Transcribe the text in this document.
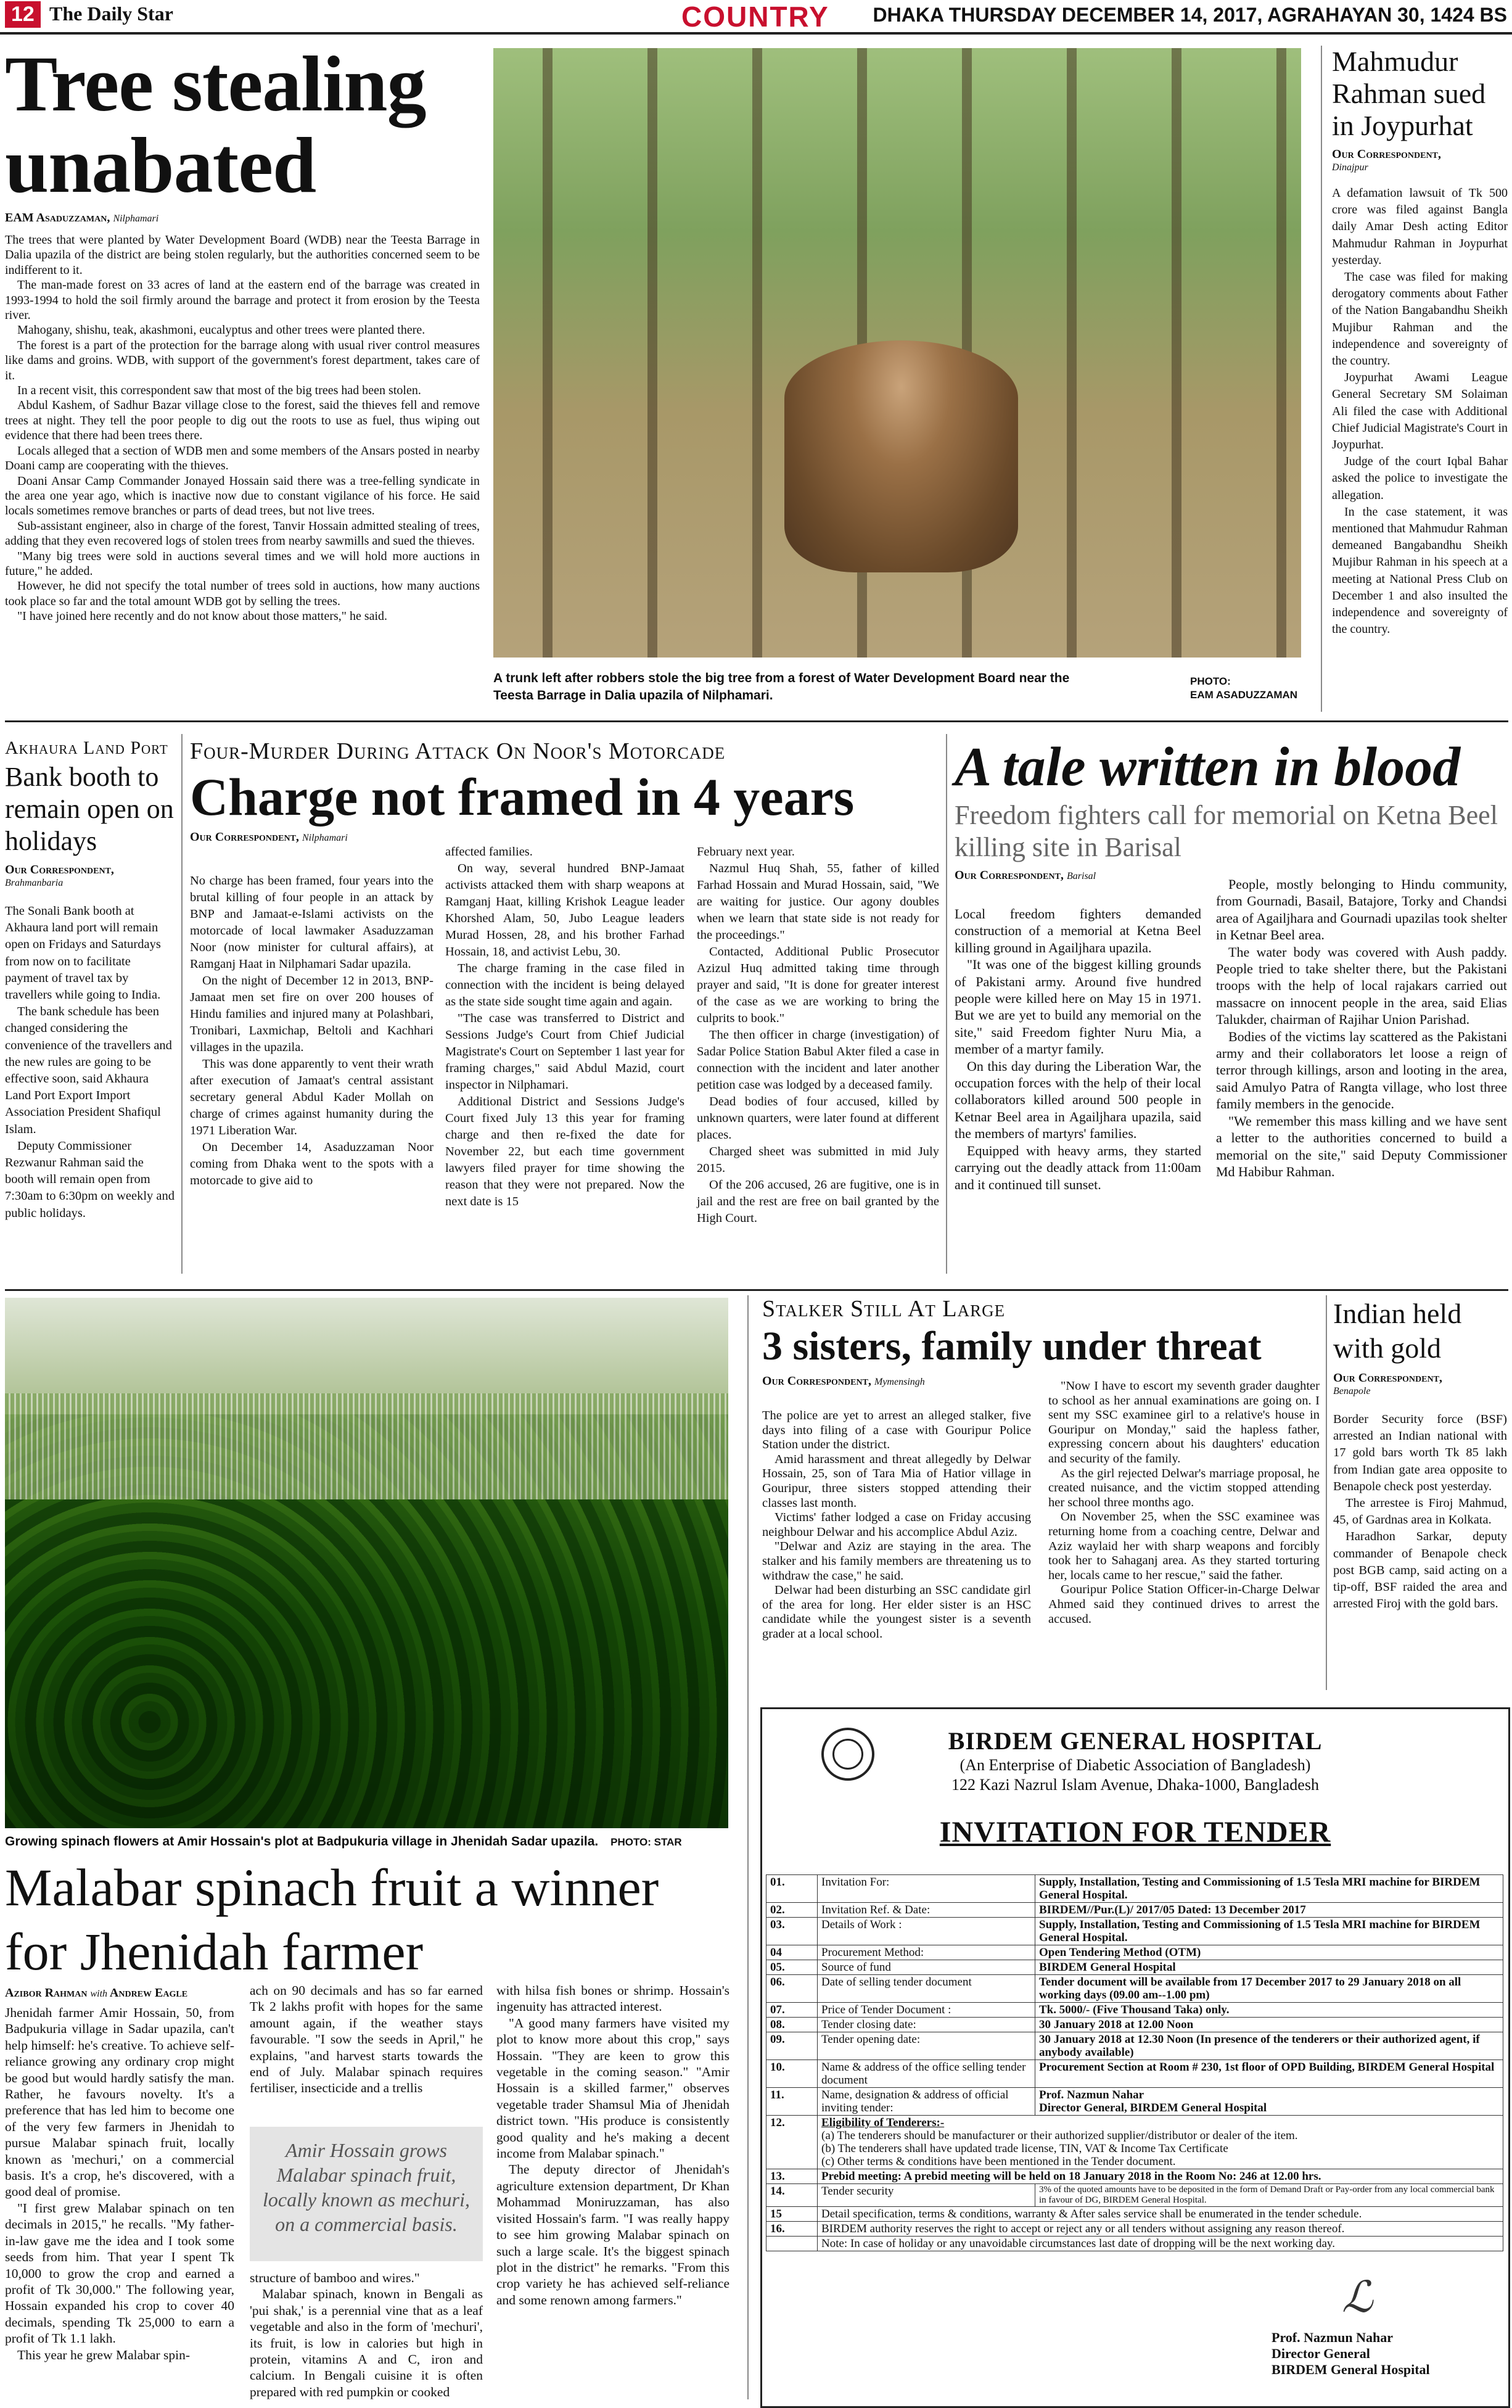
12 The Daily Star	COUNTRY DHAKA THURSDAY DECEMBER 14, 2017, AGRAHAYAN 30, 1424 BS
Tree stealing unabated
EAM Asaduzzaman, Nilphamari

The trees that were planted by Water Development Board (WDB) near the Teesta Barrage in Dalia upazila of the district are being stolen regularly, but the authorities concerned seem to be indifferent to it.

The man-made forest on 33 acres of land at the eastern end of the barrage was created in 1993-1994 to hold the soil firmly around the barrage and protect it from erosion by the Teesta river.

Mahogany, shishu, teak, akashmoni, eucalyptus and other trees were planted there.

The forest is a part of the protection for the barrage along with usual river control measures like dams and groins. WDB, with support of the government's forest department, takes care of it.

In a recent visit, this correspondent saw that most of the big trees had been stolen.

Abdul Kashem, of Sadhur Bazar village close to the forest, said the thieves fell and remove trees at night. They tell the poor people to dig out the roots to use as fuel, thus wiping out evidence that there had been trees there.

Locals alleged that a section of WDB men and some members of the Ansars posted in nearby Doani camp are cooperating with the thieves.

Doani Ansar Camp Commander Jonayed Hossain said there was a tree-felling syndicate in the area one year ago, which is inactive now due to constant vigilance of his force. He said locals sometimes remove branches or parts of dead trees, but not live trees.

Sub-assistant engineer, also in charge of the forest, Tanvir Hossain admitted stealing of trees, adding that they even recovered logs of stolen trees from nearby sawmills and sued the thieves.

"Many big trees were sold in auctions several times and we will hold more auctions in future," he added.

However, he did not specify the total number of trees sold in auctions, how many auctions took place so far and the total amount WDB got by selling the trees.

"I have joined here recently and do not know about those matters," he said.

A trunk left after robbers stole the big tree from a forest of Water Development Board near the Teesta Barrage in Dalia upazila of Nilphamari.
PHOTO:
EAM ASADUZZAMAN
Mahmudur Rahman sued in Joypurhat
Our Correspondent,
Dinajpur

A defamation lawsuit of Tk 500 crore was filed against Bangla daily Amar Desh acting Editor Mahmudur Rahman in Joypurhat yesterday.

The case was filed for making derogatory comments about Father of the Nation Bangabandhu Sheikh Mujibur Rahman and the independence and sovereignty of the country.

Joypurhat Awami League General Secretary SM Solaiman Ali filed the case with Additional Chief Judicial Magistrate's Court in Joypurhat.

Judge of the court Iqbal Bahar asked the police to investigate the allegation.

In the case statement, it was mentioned that Mahmudur Rahman demeaned Bangabandhu Sheikh Mujibur Rahman in his speech at a meeting at National Press Club on December 1 and also insulted the independence and sovereignty of the country.

Akhaura Land Port
Bank booth to remain open on holidays
Our Correspondent,
Brahmanbaria

The Sonali Bank booth at Akhaura land port will remain open on Fridays and Saturdays from now on to facilitate payment of travel tax by travellers while going to India.

The bank schedule has been changed considering the convenience of the travellers and the new rules are going to be effective soon, said Akhaura Land Port Export Import Association President Shafiqul Islam.

Deputy Commissioner Rezwanur Rahman said the booth will remain open from 7:30am to 6:30pm on weekly and public holidays.

Four-Murder During Attack On Noor's Motorcade
Charge not framed in 4 years
Our Correspondent, Nilphamari

No charge has been framed, four years into the brutal killing of four people in an attack by BNP and Jamaat-e-Islami activists on the motorcade of local lawmaker Asaduzzaman Noor (now minister for cultural affairs), at Ramganj Haat in Nilphamari Sadar upazila.

On the night of December 12 in 2013, BNP-Jamaat men set fire on over 200 houses of Hindu families and injured many at Polashbari, Tronibari, Laxmichap, Beltoli and Kachhari villages in the upazila.

This was done apparently to vent their wrath after execution of Jamaat's central assistant secretary general Abdul Kader Mollah on charge of crimes against humanity during the 1971 Liberation War.

On December 14, Asaduzzaman Noor coming from Dhaka went to the spots with a motorcade to give aid to

affected families.

On way, several hundred BNP-Jamaat activists attacked them with sharp weapons at Ramganj Haat, killing Krishok League leader Khorshed Alam, 50, Jubo League leaders Murad Hossen, 28, and his brother Farhad Hossain, 18, and activist Lebu, 30.

The charge framing in the case filed in connection with the incident is being delayed as the state side sought time again and again.

"The case was transferred to District and Sessions Judge's Court from Chief Judicial Magistrate's Court on September 1 last year for framing charges," said Abdul Mazid, court inspector in Nilphamari.

Additional District and Sessions Judge's Court fixed July 13 this year for framing charge and then re-fixed the date for November 22, but each time government lawyers filed prayer for time showing the reason that they were not prepared. Now the next date is 15

February next year.

Nazmul Huq Shah, 55, father of killed Farhad Hossain and Murad Hossain, said, "We are waiting for justice. Our agony doubles when we learn that state side is not ready for the proceedings."

Contacted, Additional Public Prosecutor Azizul Huq admitted taking time through prayer and said, "It is done for greater interest of the case as we are working to bring the culprits to book."

The then officer in charge (investigation) of Sadar Police Station Babul Akter filed a case in connection with the incident and later another petition case was lodged by a deceased family.

Dead bodies of four accused, killed by unknown quarters, were later found at different places.

Charged sheet was submitted in mid July 2015.

Of the 206 accused, 26 are fugitive, one is in jail and the rest are free on bail granted by the High Court.

A tale written in blood
Freedom fighters call for memorial on Ketna Beel killing site in Barisal
Our Correspondent, Barisal

Local freedom fighters demanded construction of a memorial at Ketna Beel killing ground in Agailjhara upazila.

"It was one of the biggest killing grounds of Pakistani army. Around five hundred people were killed here on May 15 in 1971. But we are yet to build any memorial on the site," said Freedom fighter Nuru Mia, a member of a martyr family.

On this day during the Liberation War, the occupation forces with the help of their local collaborators killed around 500 people in Ketnar Beel area in Agailjhara upazila, said the members of martyrs' families.

Equipped with heavy arms, they started carrying out the deadly attack from 11:00am and it continued till sunset.

People, mostly belonging to Hindu community, from Gournadi, Basail, Batajore, Torky and Chandsi area of Agailjhara and Gournadi upazilas took shelter in Ketnar Beel area.

The water body was covered with Aush paddy. People tried to take shelter there, but the Pakistani troops with the help of local rajakars carried out massacre on innocent people in the area, said Elias Talukder, chairman of Rajihar Union Parishad.

Bodies of the victims lay scattered as the Pakistani army and their collaborators let loose a reign of terror through killings, arson and looting in the area, said Amulyo Patra of Rangta village, who lost three family members in the genocide.

"We remember this mass killing and we have sent a letter to the authorities concerned to build a memorial on the site," said Deputy Commissioner Md Habibur Rahman.

Growing spinach flowers at Amir Hossain's plot at Badpukuria village in Jhenidah Sadar upazila. PHOTO: STAR
Malabar spinach fruit a winner for Jhenidah farmer
Azibor Rahman with Andrew Eagle

Jhenidah farmer Amir Hossain, 50, from Badpukuria village in Sadar upazila, can't help himself: he's creative. To achieve self-reliance growing any ordinary crop might be good but would hardly satisfy the man. Rather, he favours novelty. It's a preference that has led him to become one of the very few farmers in Jhenidah to pursue Malabar spinach fruit, locally known as 'mechuri,' on a commercial basis. It's a crop, he's discovered, with a good deal of promise.

"I first grew Malabar spinach on ten decimals in 2015," he recalls. "My father-in-law gave me the idea and I took some seeds from him. That year I spent Tk 10,000 to grow the crop and earned a profit of Tk 30,000." The following year, Hossain expanded his crop to cover 40 decimals, spending Tk 25,000 to earn a profit of Tk 1.1 lakh.

This year he grew Malabar spin-

ach on 90 decimals and has so far earned Tk 2 lakhs profit with hopes for the same amount again, if the weather stays favourable. "I sow the seeds in April," he explains, "and harvest starts towards the end of July. Malabar spinach requires fertiliser, insecticide and a trellis

Amir Hossain grows Malabar spinach fruit, locally known as mechuri, on a commercial basis.

structure of bamboo and wires."

Malabar spinach, known in Bengali as 'pui shak,' is a perennial vine that as a leaf vegetable and also in the form of 'mechuri', its fruit, is low in calories but high in protein, vitamins A and C, iron and calcium. In Bengali cuisine it is often prepared with red pumpkin or cooked

with hilsa fish bones or shrimp. Hossain's ingenuity has attracted interest.

"A good many farmers have visited my plot to know more about this crop," says Hossain. "They are keen to grow this vegetable in the coming season." "Amir Hossain is a skilled farmer," observes vegetable trader Shamsul Mia of Jhenidah district town. "His produce is consistently good quality and he's making a decent income from Malabar spinach."

The deputy director of Jhenidah's agriculture extension department, Dr Khan Mohammad Moniruzzaman, has also visited Hossain's farm. "I was really happy to see him growing Malabar spinach on such a large scale. It's the biggest spinach plot in the district" he remarks. "From this crop variety he has achieved self-reliance and some renown among farmers."

Stalker Still At Large
3 sisters, family under threat
Our Correspondent, Mymensingh

The police are yet to arrest an alleged stalker, five days into filing of a case with Gouripur Police Station under the district.

Amid harassment and threat allegedly by Delwar Hossain, 25, son of Tara Mia of Hatior village in Gouripur, three sisters stopped attending their classes last month.

Victims' father lodged a case on Friday accusing neighbour Delwar and his accomplice Abdul Aziz.

"Delwar and Aziz are staying in the area. The stalker and his family members are threatening us to withdraw the case," he said.

Delwar had been disturbing an SSC candidate girl of the area for long. Her elder sister is an HSC candidate while the youngest sister is a seventh grader at a local school.

"Now I have to escort my seventh grader daughter to school as her annual examinations are going on. I sent my SSC examinee girl to a relative's house in Gouripur on Monday," said the hapless father, expressing concern about his daughters' education and security of the family.

As the girl rejected Delwar's marriage proposal, he created nuisance, and the victim stopped attending her school three months ago.

On November 25, when the SSC examinee was returning home from a coaching centre, Delwar and Aziz waylaid her with sharp weapons and forcibly took her to Sahaganj area. As they started torturing her, locals came to her rescue," said the father.

Gouripur Police Station Officer-in-Charge Delwar Ahmed said they continued drives to arrest the accused.

Indian held with gold
Our Correspondent,
Benapole

Border Security force (BSF) arrested an Indian national with 17 gold bars worth Tk 85 lakh from Indian gate area opposite to Benapole check post yesterday.

The arrestee is Firoj Mahmud, 45, of Gardnas area in Kolkata.

Haradhon Sarkar, deputy commander of Benapole check post BGB camp, said acting on a tip-off, BSF raided the area and arrested Firoj with the gold bars.

BIRDEM GENERAL HOSPITAL
(An Enterprise of Diabetic Association of Bangladesh)
122 Kazi Nazrul Islam Avenue, Dhaka-1000, Bangladesh
INVITATION FOR TENDER
01.	Invitation For:	Supply, Installation, Testing and Commissioning of 1.5 Tesla MRI machine for BIRDEM General Hospital.
02.	Invitation Ref. & Date:	BIRDEM//Pur.(L)/ 2017/05 Dated: 13 December 2017
03.	Details of Work :	Supply, Installation, Testing and Commissioning of 1.5 Tesla MRI machine for BIRDEM General Hospital.
04	Procurement Method:	Open Tendering Method (OTM)
05.	Source of fund	BIRDEM General Hospital
06.	Date of selling tender document	Tender document will be available from 17 December 2017 to 29 January 2018 on all working days (09.00 am--1.00 pm)
07.	Price of Tender Document :	Tk. 5000/- (Five Thousand Taka) only.
08.	Tender closing date:	30 January 2018 at 12.00 Noon
09.	Tender opening date:	30 January 2018 at 12.30 Noon (In presence of the tenderers or their authorized agent, if anybody available)
10.	Name & address of the office selling tender document	Procurement Section at Room # 230, 1st floor of OPD Building, BIRDEM General Hospital
11.	Name, designation & address of official inviting tender:	Prof. Nazmun Nahar
Director General, BIRDEM General Hospital
12.	Eligibility of Tenderers:-
(a) The tenderers should be manufacturer or their authorized supplier/distributor or dealer of the item.
(b) The tenderers shall have updated trade license, TIN, VAT & Income Tax Certificate
(c) Other terms & conditions have been mentioned in the Tender document.	

13.	Prebid meeting: A prebid meeting will be held on 18 January 2018 in the Room No: 246 at 12.00 hrs.	
14.	Tender security	3% of the quoted amounts have to be deposited in the form of Demand Draft or Pay-order from any local commercial bank in favour of DG, BIRDEM General Hospital.
15	Detail specification, terms & conditions, warranty & After sales service shall be enumerated in the tender schedule.	
16.	BIRDEM authority reserves the right to accept or reject any or all tenders without assigning any reason thereof.	
	Note: In case of holiday or any unavoidable circumstances last date of dropping will be the next working day.	
ℒ
Prof. Nazmun Nahar
Director General
BIRDEM General Hospital
